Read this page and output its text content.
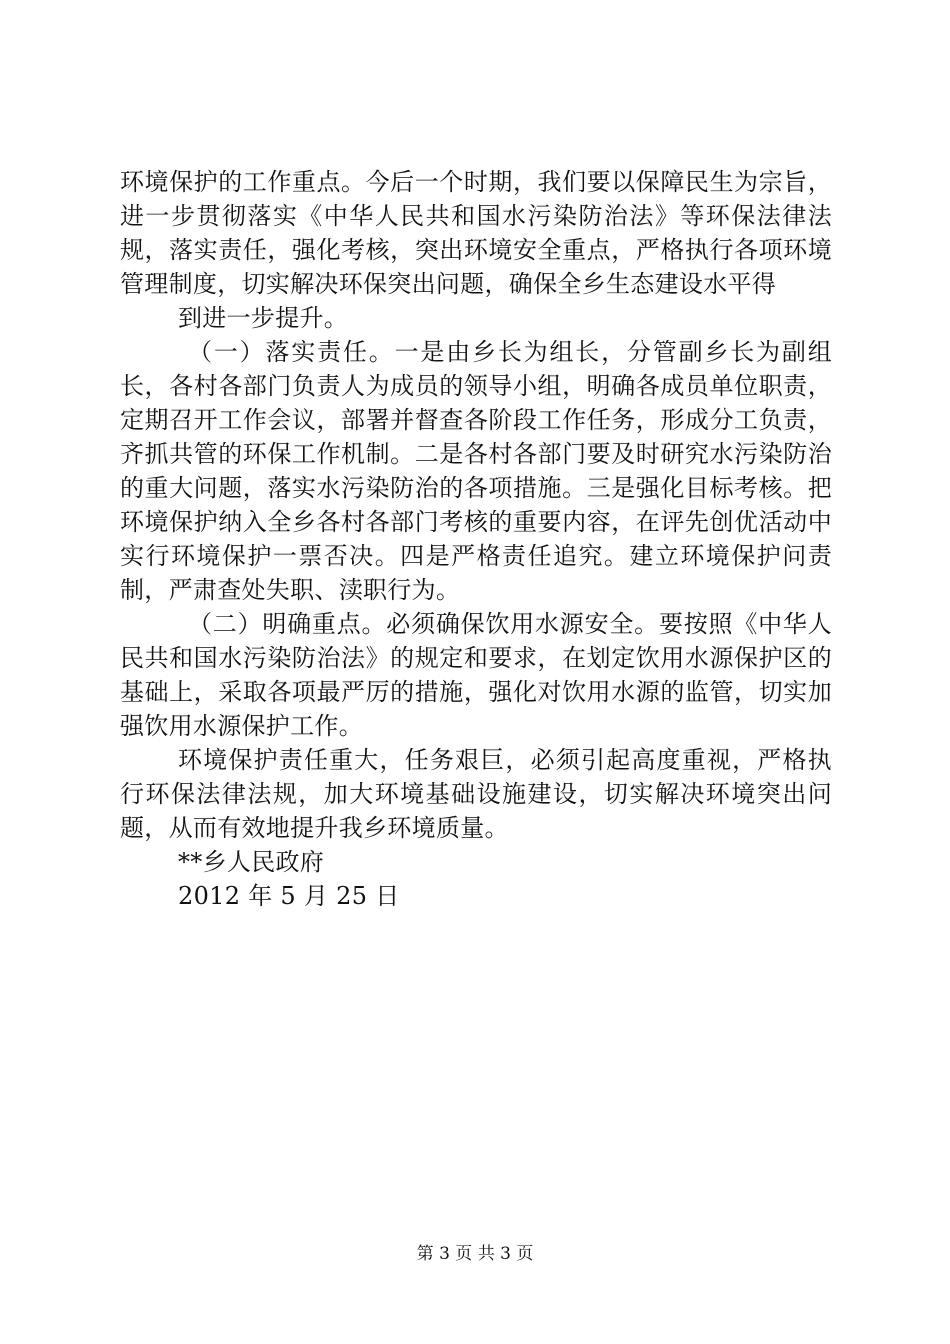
环境保护的工作重点。今后一个时期，我们要以保障民生为宗旨，进一步贯彻落实《中华人民共和国水污染防治法》等环保法律法规，落实责任，强化考核，突出环境安全重点，严格执行各项环境管理制度，切实解决环保突出问题，确保全乡生态建设水平得

到进一步提升。

（一）落实责任。一是由乡长为组长，分管副乡长为副组长，各村各部门负责人为成员的领导小组，明确各成员单位职责，定期召开工作会议，部署并督查各阶段工作任务，形成分工负责，齐抓共管的环保工作机制。二是各村各部门要及时研究水污染防治的重大问题，落实水污染防治的各项措施。三是强化目标考核。把环境保护纳入全乡各村各部门考核的重要内容，在评先创优活动中实行环境保护一票否决。四是严格责任追究。建立环境保护问责制，严肃查处失职、渎职行为。

（二）明确重点。必须确保饮用水源安全。要按照《中华人民共和国水污染防治法》的规定和要求，在划定饮用水源保护区的基础上，采取各项最严厉的措施，强化对饮用水源的监管，切实加强饮用水源保护工作。

环境保护责任重大，任务艰巨，必须引起高度重视，严格执行环保法律法规，加大环境基础设施建设，切实解决环境突出问题，从而有效地提升我乡环境质量。

**乡人民政府

2012 年 5 月 25 日

第 3 页 共 3 页
